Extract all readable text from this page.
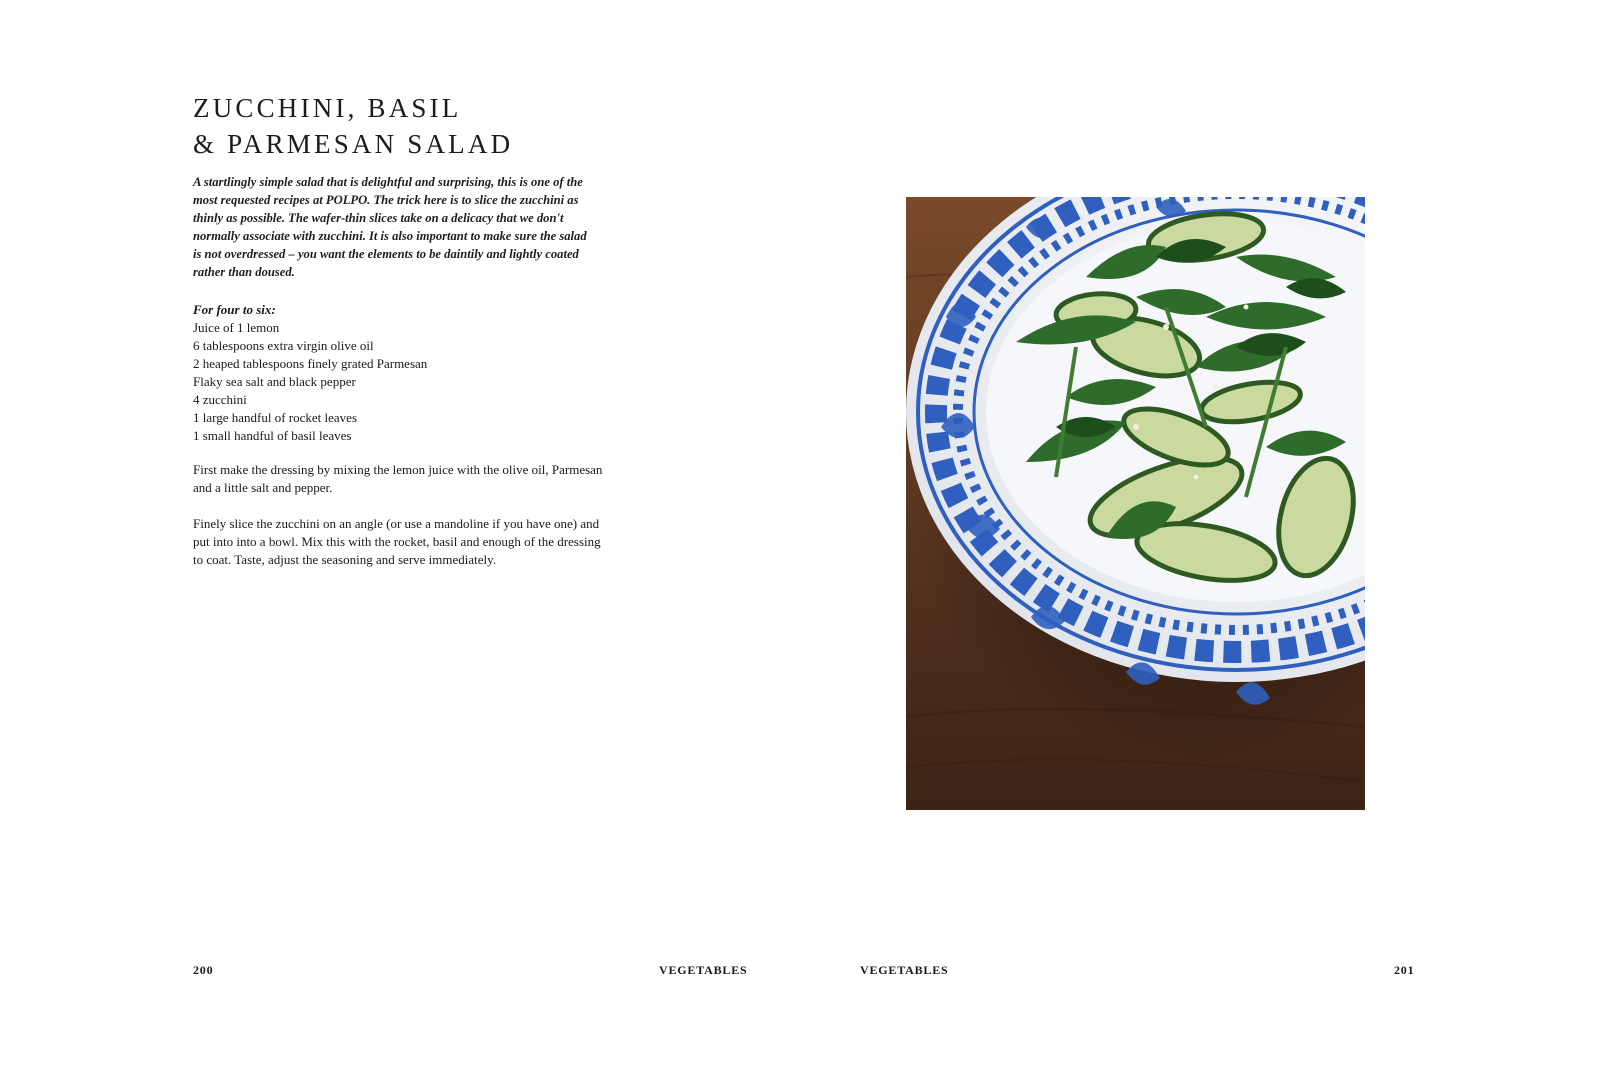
ZUCCHINI, BASIL
& PARMESAN SALAD
A startlingly simple salad that is delightful and surprising, this is one of the most requested recipes at POLPO. The trick here is to slice the zucchini as thinly as possible. The wafer-thin slices take on a delicacy that we don't normally associate with zucchini. It is also important to make sure the salad is not overdressed – you want the elements to be daintily and lightly coated rather than doused.
For four to six:
Juice of 1 lemon
6 tablespoons extra virgin olive oil
2 heaped tablespoons finely grated Parmesan
Flaky sea salt and black pepper
4 zucchini
1 large handful of rocket leaves
1 small handful of basil leaves

First make the dressing by mixing the lemon juice with the olive oil, Parmesan and a little salt and pepper.

Finely slice the zucchini on an angle (or use a mandoline if you have one) and put into into a bowl. Mix this with the rocket, basil and enough of the dressing to coat. Taste, adjust the seasoning and serve immediately.

200	VEGETABLES	VEGETABLES	201
